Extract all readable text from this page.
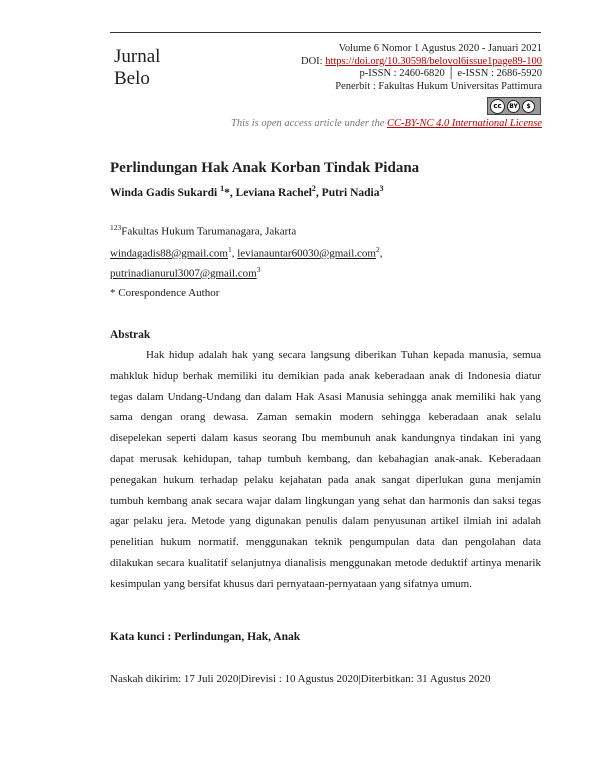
Jurnal
Belo
Volume 6 Nomor 1 Agustus 2020 - Januari 2021
DOI: https://doi.org/10.30598/belovol6issue1page89-100
p-ISSN : 2460-6820 │ e-ISSN : 2686-5920
Penerbit : Fakultas Hukum Universitas Pattimura
cc	BY	$
This is open access article under the CC-BY-NC 4.0 International License
Perlindungan Hak Anak Korban Tindak Pidana
Winda Gadis Sukardi $^1$*, Leviana Rachel$^2$, Putri Nadia$^3$
$^{123}$Fakultas Hukum Tarumanagara, Jakarta
windagadis88@gmail.com$^1$, levianauntar60030@gmail.com$^2$,
putrinadianurul3007@gmail.com$^3$
* Corespondence Author
Abstrak

Hak hidup adalah hak yang secara langsung diberikan Tuhan kepada manusia, semua mahkluk hidup berhak memiliki itu demikian pada anak keberadaan anak di Indonesia diatur tegas dalam Undang-Undang dan dalam Hak Asasi Manusia sehingga anak memiliki hak yang sama dengan orang dewasa. Zaman semakin modern sehingga keberadaan anak selalu disepelekan seperti dalam kasus seorang Ibu membunuh anak kandungnya tindakan ini yang dapat merusak kehidupan, tahap tumbuh kembang, dan kebahagian anak-anak. Keberadaan penegakan hukum terhadap pelaku kejahatan pada anak sangat diperlukan guna menjamin tumbuh kembang anak secara wajar dalam lingkungan yang sehat dan harmonis dan saksi tegas agar pelaku jera. Metode yang digunakan penulis dalam penyusunan artikel ilmiah ini adalah penelitian hukum normatif. menggunakan teknik pengumpulan data dan pengolahan data dilakukan secara kualitatif selanjutnya dianalisis menggunakan metode deduktif artinya menarik kesimpulan yang bersifat khusus dari pernyataan-pernyataan yang sifatnya umum.

Kata kunci : Perlindungan, Hak, Anak
Naskah dikirim: 17 Juli 2020|Direvisi : 10 Agustus 2020|Diterbitkan: 31 Agustus 2020
